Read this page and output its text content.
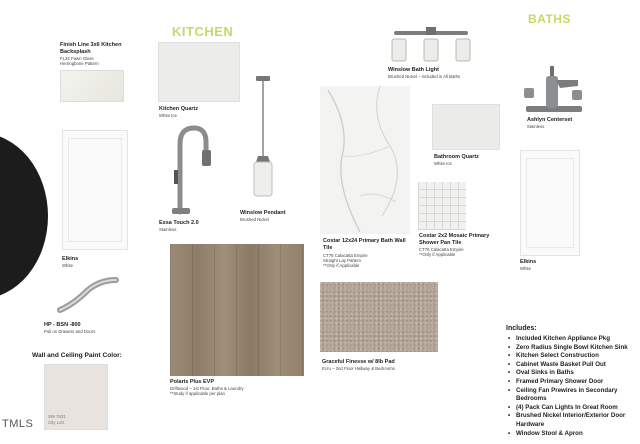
TMLS
KITCHEN
BATHS
Finish Line 3x6 Kitchen Backsplash
FL32 Fawn Gloss
Herringbone Pattern
Kitchen Quartz
White Ice
Essa Touch 2.0
Stainless
Winslow Pendant
Brushed Nickel
Elkins
White
HP - BSN -800
Pull on Drawers and Doors
Wall and Ceiling Paint Color:
SW 7631
City Loft
Polaris Plus EVP
Driftwood – 1st Floor, Baths & Laundry
**Study if applicable per plan
Graceful Finesse w/ 8lb Pad
Ecru – 2nd Floor Hallway & Bedrooms
Winslow Bath Light
Brushed Nickel – included in All Baths
Ashlyn Centerset
Stainless
Bathroom Quartz
White Ice
Elkins
White
Costar 12x24 Primary Bath Wall Tile
CT76 Calacatta Empire
Straight Lay Pattern
**Only if Applicable
Costar 2x2 Mosaic Primary Shower Pan Tile
CT76 Calacatta Empire
**Only if Applicable
Includes:
• Included Kitchen Appliance Pkg
• Zero Radius Single Bowl Kitchen Sink
• Kitchen Select Construction
• Cabinet Waste Basket Pull Out
• Oval Sinks in Baths
• Framed Primary Shower Door
• Ceiling Fan Prewires in Secondary Bedrooms
• (4) Pack Can Lights In Great Room
• Brushed Nickel Interior/Exterior Door Hardware
• Window Stool & Apron
